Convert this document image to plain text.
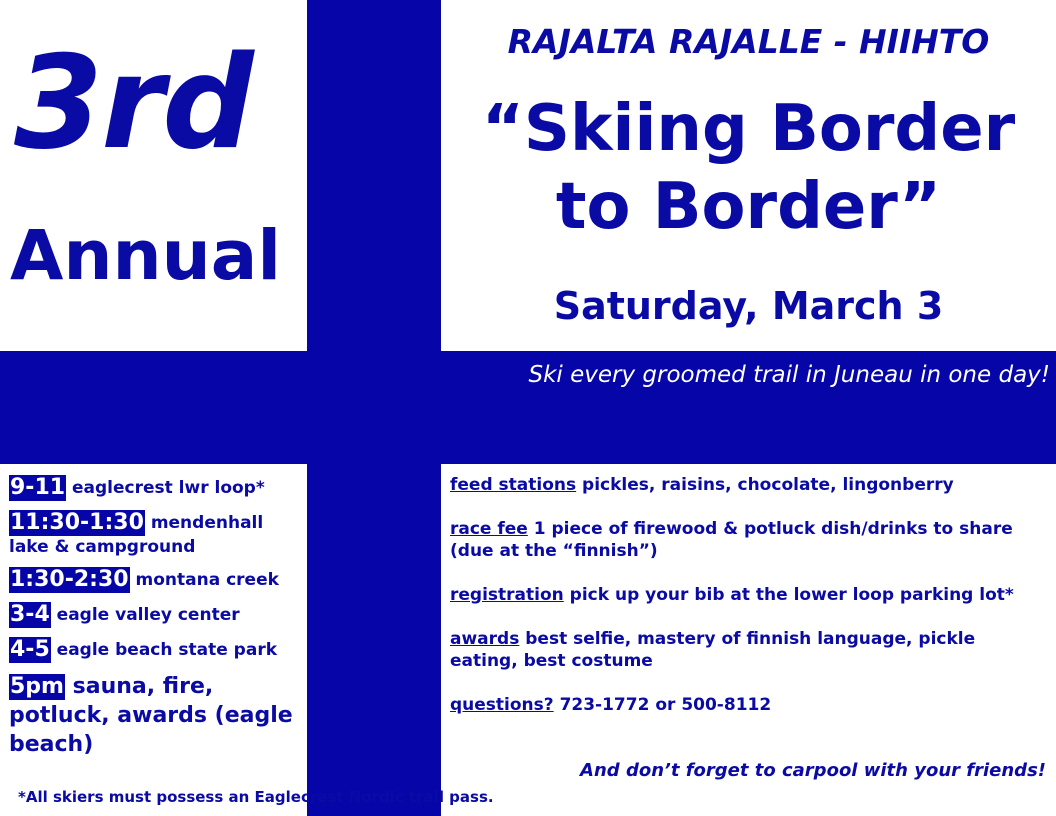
3rd
Annual
RAJALTA RAJALLE - HIIHTO
“Skiing Border
to Border”
Saturday, March 3
Ski every groomed trail in Juneau in one day!
9-11 eaglecrest lwr loop*
11:30-1:30 mendenhall lake & campground
1:30-2:30 montana creek
3-4 eagle valley center
4-5 eagle beach state park
5pm sauna, fire, potluck, awards (eagle beach)
*All skiers must possess an Eaglecrest Nordic trail pass.
feed stations pickles, raisins, chocolate, lingonberry
race fee 1 piece of firewood & potluck dish/drinks to share (due at the “finnish”)
registration pick up your bib at the lower loop parking lot*
awards best selfie, mastery of finnish language, pickle eating, best costume
questions? 723-1772 or 500-8112
And don’t forget to carpool with your friends!
